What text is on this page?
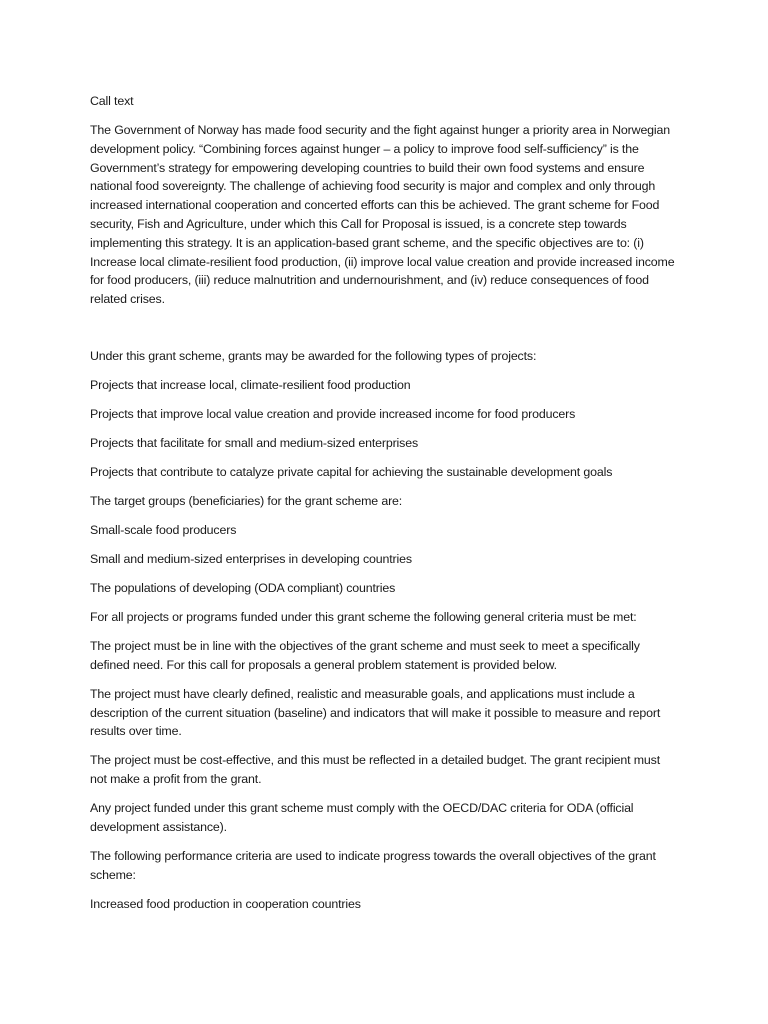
Call text

The Government of Norway has made food security and the fight against hunger a priority area in Norwegian development policy. “Combining forces against hunger – a policy to improve food self-sufficiency” is the Government’s strategy for empowering developing countries to build their own food systems and ensure national food sovereignty. The challenge of achieving food security is major and complex and only through increased international cooperation and concerted efforts can this be achieved. The grant scheme for Food security, Fish and Agriculture, under which this Call for Proposal is issued, is a concrete step towards implementing this strategy. It is an application-based grant scheme, and the specific objectives are to: (i) Increase local climate-resilient food production, (ii) improve local value creation and provide increased income for food producers, (iii) reduce malnutrition and undernourishment, and (iv) reduce consequences of food related crises.

Under this grant scheme, grants may be awarded for the following types of projects:

Projects that increase local, climate-resilient food production

Projects that improve local value creation and provide increased income for food producers

Projects that facilitate for small and medium-sized enterprises

Projects that contribute to catalyze private capital for achieving the sustainable development goals

The target groups (beneficiaries) for the grant scheme are:

Small-scale food producers

Small and medium-sized enterprises in developing countries

The populations of developing (ODA compliant) countries

For all projects or programs funded under this grant scheme the following general criteria must be met:

The project must be in line with the objectives of the grant scheme and must seek to meet a specifically defined need. For this call for proposals a general problem statement is provided below.

The project must have clearly defined, realistic and measurable goals, and applications must include a description of the current situation (baseline) and indicators that will make it possible to measure and report results over time.

The project must be cost-effective, and this must be reflected in a detailed budget. The grant recipient must not make a profit from the grant.

Any project funded under this grant scheme must comply with the OECD/DAC criteria for ODA (official development assistance).

The following performance criteria are used to indicate progress towards the overall objectives of the grant scheme:

Increased food production in cooperation countries
